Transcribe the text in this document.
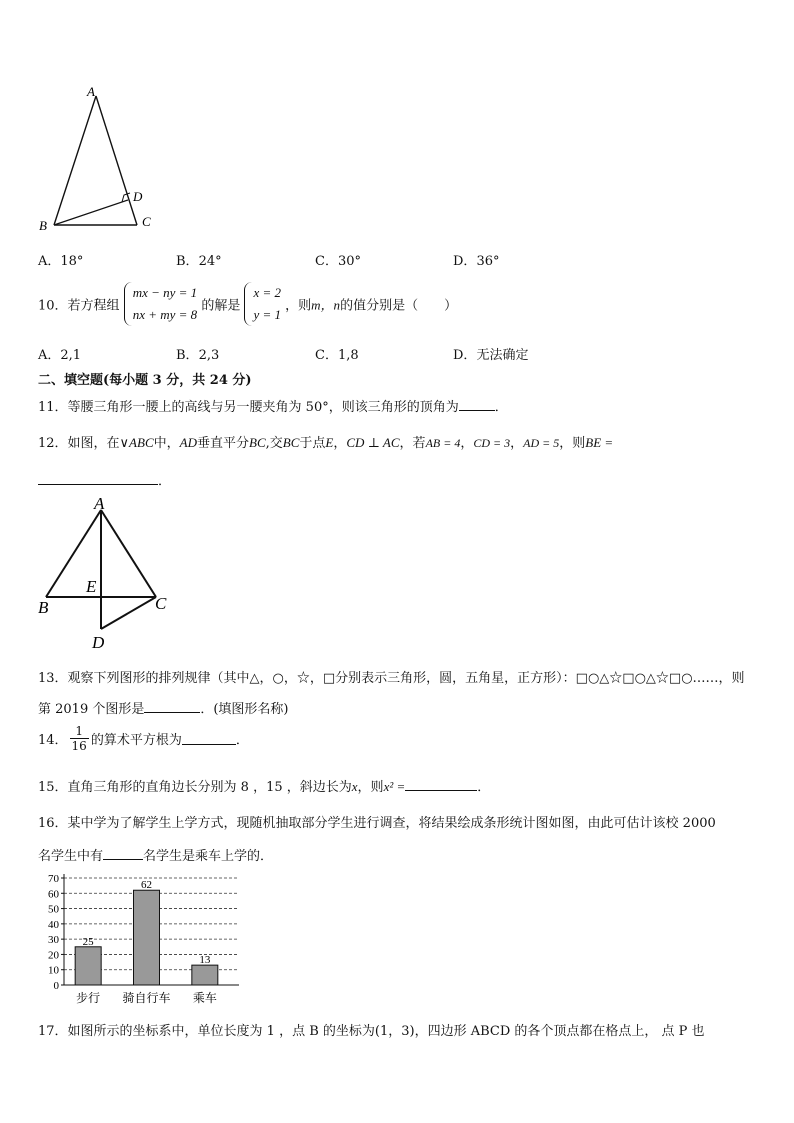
A
B	C
D
A．18°	B．24°	C．30°	D．36°
10．若方程组
mx − ny = 1
nx + my = 8
的解是
x = 2
y = 1
，则m，n的值分别是（　　）
A．2,1	B．2,3	C．1,8	D．无法确定
二、填空题(每小题 3 分，共 24 分)
11．等腰三角形一腰上的高线与另一腰夹角为 50°，则该三角形的顶角为	．
12．如图，在∨ABC中，AD垂直平分BC,交BC于点E，CD ⊥ AC，若AB = 4，CD = 3，AD = 5，则BE =
．
A
B	C
D
E
13．观察下列图形的排列规律（其中△，○，☆，□分别表示三角形，圆，五角星，正方形）：□○△☆□○△☆□○……，则
第 2019 个图形是	．(填图形名称)
14． $\frac{1}{16}$ 的算术平方根为	．
15．直角三角形的直角边长分别为 8 ，15 ，斜边长为x，则x² =	．
16．某中学为了解学生上学方式，现随机抽取部分学生进行调查，将结果绘成条形统计图如图，由此可估计该校 2000
名学生中有	名学生是乘车上学的．
0
10
20
30
40
50
60
70
25
步行
62
骑自行车
13
乘车
17．如图所示的坐标系中，单位长度为 1 ，点 B 的坐标为(1，3)，四边形 ABCD 的各个顶点都在格点上， 点 P 也
